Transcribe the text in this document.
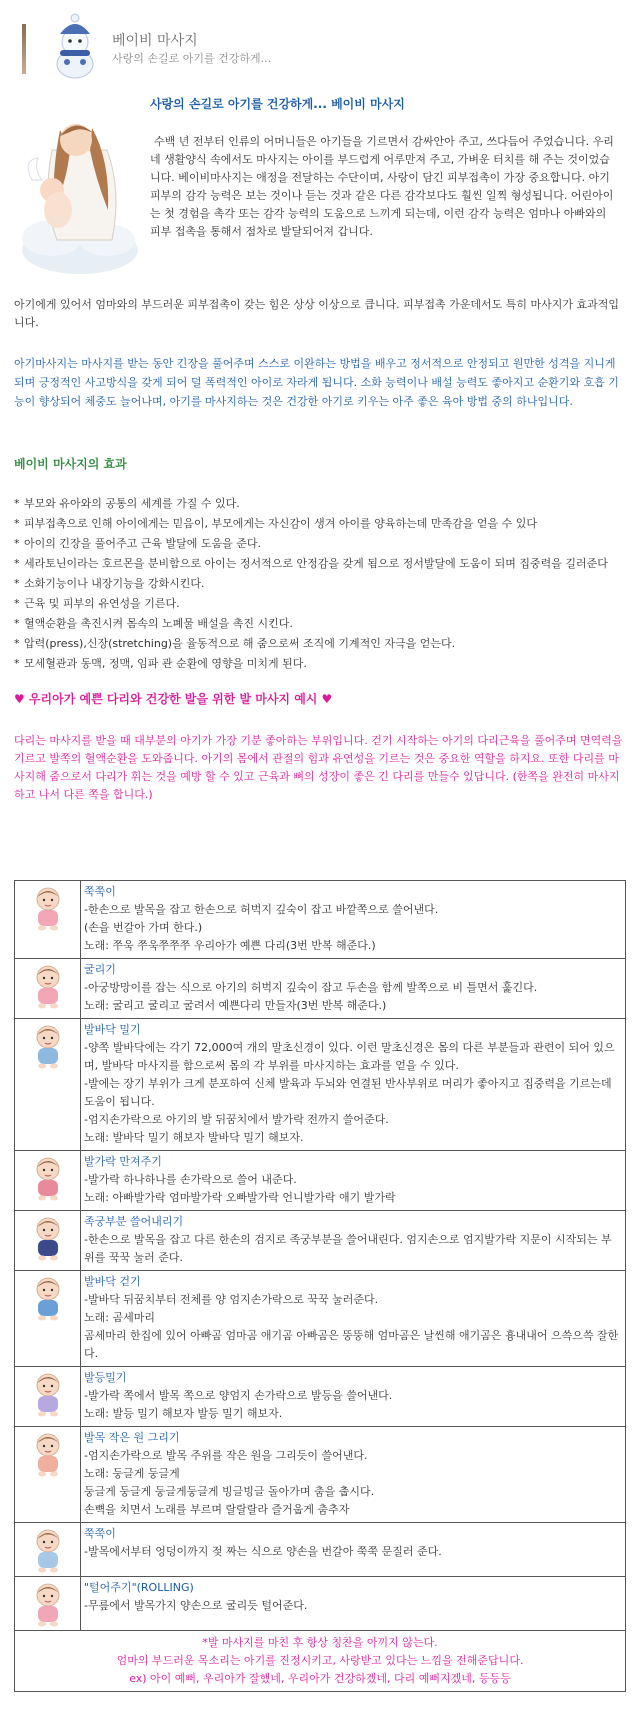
베이비 마사지
사랑의 손길로 아기를 건강하게...
사랑의 손길로 아기를 건강하게... 베이비 마사지

수백 년 전부터 인류의 어머니들은 아기들을 기르면서 감싸안아 주고, 쓰다듬어 주었습니다. 우리네 생활양식 속에서도 마사지는 아이를 부드럽게 어루만져 주고, 가벼운 터치를 해 주는 것이었습니다. 베이비마사지는 애정을 전달하는 수단이며, 사랑이 담긴 피부접촉이 가장 중요합니다. 아기 피부의 감각 능력은 보는 것이나 듣는 것과 같은 다른 감각보다도 훨씬 일찍 형성됩니다. 어린아이는 첫 경험을 촉각 또는 감각 능력의 도움으로 느끼게 되는데, 이런 감각 능력은 엄마나 아빠와의 피부 접촉을 통해서 점차로 발달되어져 갑니다.

아기에게 있어서 엄마와의 부드러운 피부접촉이 갖는 힘은 상상 이상으로 큽니다. 피부접촉 가운데서도 특히 마사지가 효과적입니다.

아기마사지는 마사지를 받는 동안 긴장을 풀어주며 스스로 이완하는 방법을 배우고 정서적으로 안정되고 원만한 성격을 지니게 되며 긍정적인 사고방식을 갖게 되어 덜 폭력적인 아이로 자라게 됩니다. 소화 능력이나 배설 능력도 좋아지고 순환기와 호흡 기능이 향상되어 체중도 늘어나며, 아기를 마사지하는 것은 건강한 아기로 키우는 아주 좋은 육아 방법 중의 하나입니다.

베이비 마사지의 효과
* 부모와 유아와의 공통의 세계를 가질 수 있다.
* 피부접촉으로 인해 아이에게는 믿음이, 부모에게는 자신감이 생겨 아이를 양육하는데 만족감을 얻을 수 있다
* 아이의 긴장을 풀어주고 근육 발달에 도움을 준다.
* 세라토닌이라는 호르몬을 분비함으로 아이는 정서적으로 안정감을 갖게 됨으로 정서발달에 도움이 되며 집중력을 길러준다
* 소화기능이나 내장기능을 강화시킨다.
* 근육 및 피부의 유연성을 기른다.
* 혈액순환을 촉진시켜 몸속의 노폐물 배설을 촉진 시킨다.
* 압력(press),신장(stretching)을 율동적으로 해 줌으로써 조직에 기계적인 자극을 얻는다.
* 모세혈관과 동맥, 정맥, 임파 관 순환에 영향을 미치게 된다.
♥ 우리아가 예쁜 다리와 건강한 발을 위한 발 마사지 예시 ♥

다리는 마사지를 받을 때 대부분의 아기가 가장 기분 좋아하는 부위입니다. 걷기 시작하는 아기의 다리근육을 풀어주며 면역력을 기르고 발쪽의 혈액순환을 도와줍니다. 아기의 몸에서 관절의 힘과 유연성을 기르는 것은 중요한 역할을 하지요. 또한 다리를 마사지해 줌으로서 다리가 휘는 것을 예방 할 수 있고 근육과 뼈의 성장이 좋은 긴 다리를 만들수 있답니다. (한쪽을 완전히 마사지하고 나서 다른 쪽을 합니다.)

쭉쭉이
-한손으로 발목을 잡고 한손으로 허벅지 깊숙이 잡고 바깥쪽으로 쓸어낸다.
(손을 번갈아 가며 한다.)
노래: 쭈욱 쭈욱쭈쭈쭈 우리아가 예쁜 다리(3번 반복 해준다.)

굴리기
-아궁방망이를 잡는 식으로 아기의 허벅지 깊숙이 잡고 두손을 함께 발쪽으로 비 틀면서 훑긴다.
노래: 굴리고 굴리고 굴려서 예쁜다리 만들자(3번 반복 해준다.)

발바닥 밀기
-양쪽 발바닥에는 각기 72,000여 개의 말초신경이 있다. 이런 말초신경은 몸의 다른 부분들과 관련이 되어 있으며, 발바닥 마사지를 함으로써 몸의 각 부위를 마사지하는 효과를 얻을 수 있다.
-발에는 장기 부위가 크게 분포하여 신체 발육과 두뇌와 연결된 반사부위로 머리가 좋아지고 집중력을 기르는데 도움이 됩니다.
-엄지손가락으로 아기의 발 뒤꿈치에서 발가락 전까지 쓸어준다.
노래: 발바닥 밀기 해보자 발바닥 밀기 해보자.

발가락 만져주기
-발가락 하나하나를 손가락으로 쓸어 내준다.
노래: 아빠발가락 엄마발가락 오빠발가락 언니발가락 애기 발가락

족궁부분 쓸어내리기
-한손으로 발목을 잡고 다른 한손의 검지로 족궁부분을 쓸어내린다. 엄지손으로 엄지발가락 지문이 시작되는 부위를 꾹꾹 눌러 준다.

발바닥 걷기
-발바닥 뒤꿈치부터 전체를 양 엄지손가락으로 꾹꾹 눌러준다.
노래: 곰세마리
곰세마리 한집에 있어 아빠곰 엄마곰 애기곰 아빠곰은 뚱뚱해 엄마곰은 날씬해 애기곰은 흉내내어 으쓱으쓱 잘한다.

발등밀기
-발가락 쪽에서 발목 쪽으로 양엄지 손가락으로 발등을 쓸어낸다.
노래: 발등 밀기 해보자 발등 밀기 해보자.

발목 작은 원 그리기
-엄지손가락으로 발목 주위를 작은 원을 그리듯이 쓸어낸다.
노래: 둥글게 둥글게
둥글게 둥글게 둥글게둥글게 빙글빙글 돌아가며 춤을 춥시다.
손뼉을 치면서 노래를 부르며 랄랄랄라 즐거웁게 춤추자

쭉쭉이
-발목에서부터 엉덩이까지 젖 짜는 식으로 양손을 번갈아 쭉쭉 문질러 준다.

"털어주기"(ROLLING)
-무릎에서 발목가지 양손으로 굴리듯 털어준다.

*발 마사지를 마친 후 항상 칭찬을 아끼지 않는다.
엄마의 부드러운 목소리는 아기를 진정시키고, 사랑받고 있다는 느낌을 전해준답니다.
ex) 아이 예뻐, 우리아가 잘했네, 우리아가 건강하겠네, 다리 예뻐지겠네, 등등등	
